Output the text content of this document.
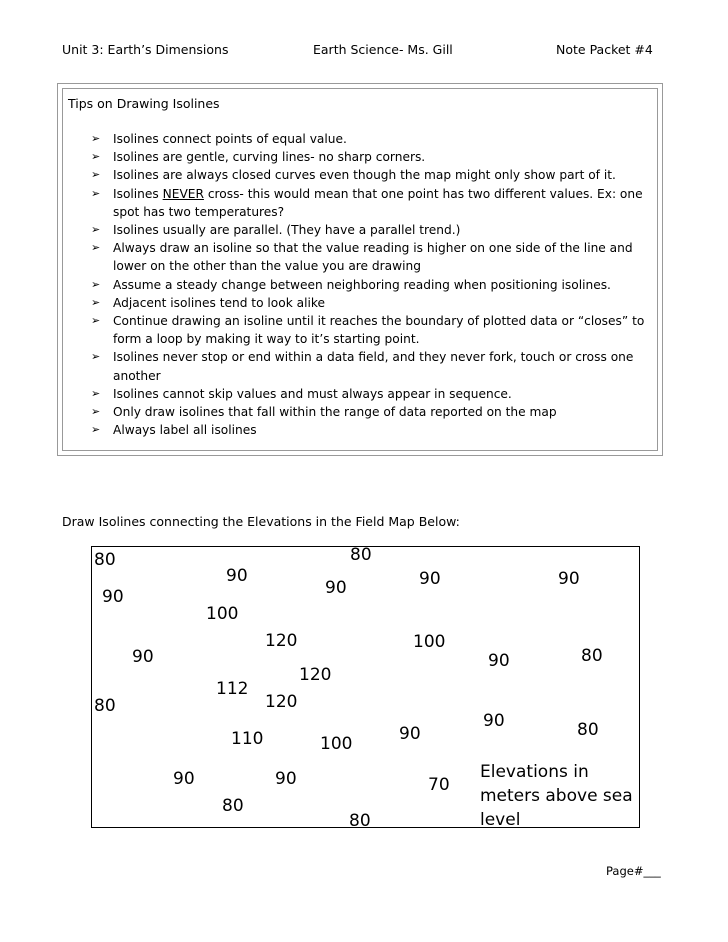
Unit 3: Earth’s Dimensions	Earth Science- Ms. Gill	Note Packet #4
Tips on Drawing Isolines
➢ Isolines connect points of equal value.
➢ Isolines are gentle, curving lines- no sharp corners.
➢ Isolines are always closed curves even though the map might only show part of it.
➢ Isolines NEVER cross- this would mean that one point has two different values. Ex: one spot has two temperatures?
➢ Isolines usually are parallel. (They have a parallel trend.)
➢ Always draw an isoline so that the value reading is higher on one side of the line and lower on the other than the value you are drawing
➢ Assume a steady change between neighboring reading when positioning isolines.
➢ Adjacent isolines tend to look alike
➢ Continue drawing an isoline until it reaches the boundary of plotted data or “closes” to form a loop by making it way to it’s starting point.
➢ Isolines never stop or end within a data field, and they never fork, touch or cross one another
➢ Isolines cannot skip values and must always appear in sequence.
➢ Only draw isolines that fall within the range of data reported on the map
➢ Always label all isolines
Draw Isolines connecting the Elevations in the Field Map Below:
80
90
90
100
90
80
90
120
112
120
120
110	100
90	90
90
80
80
90
100
90
70
80
90
90
80
80
Elevations in meters above sea level
Page#___
